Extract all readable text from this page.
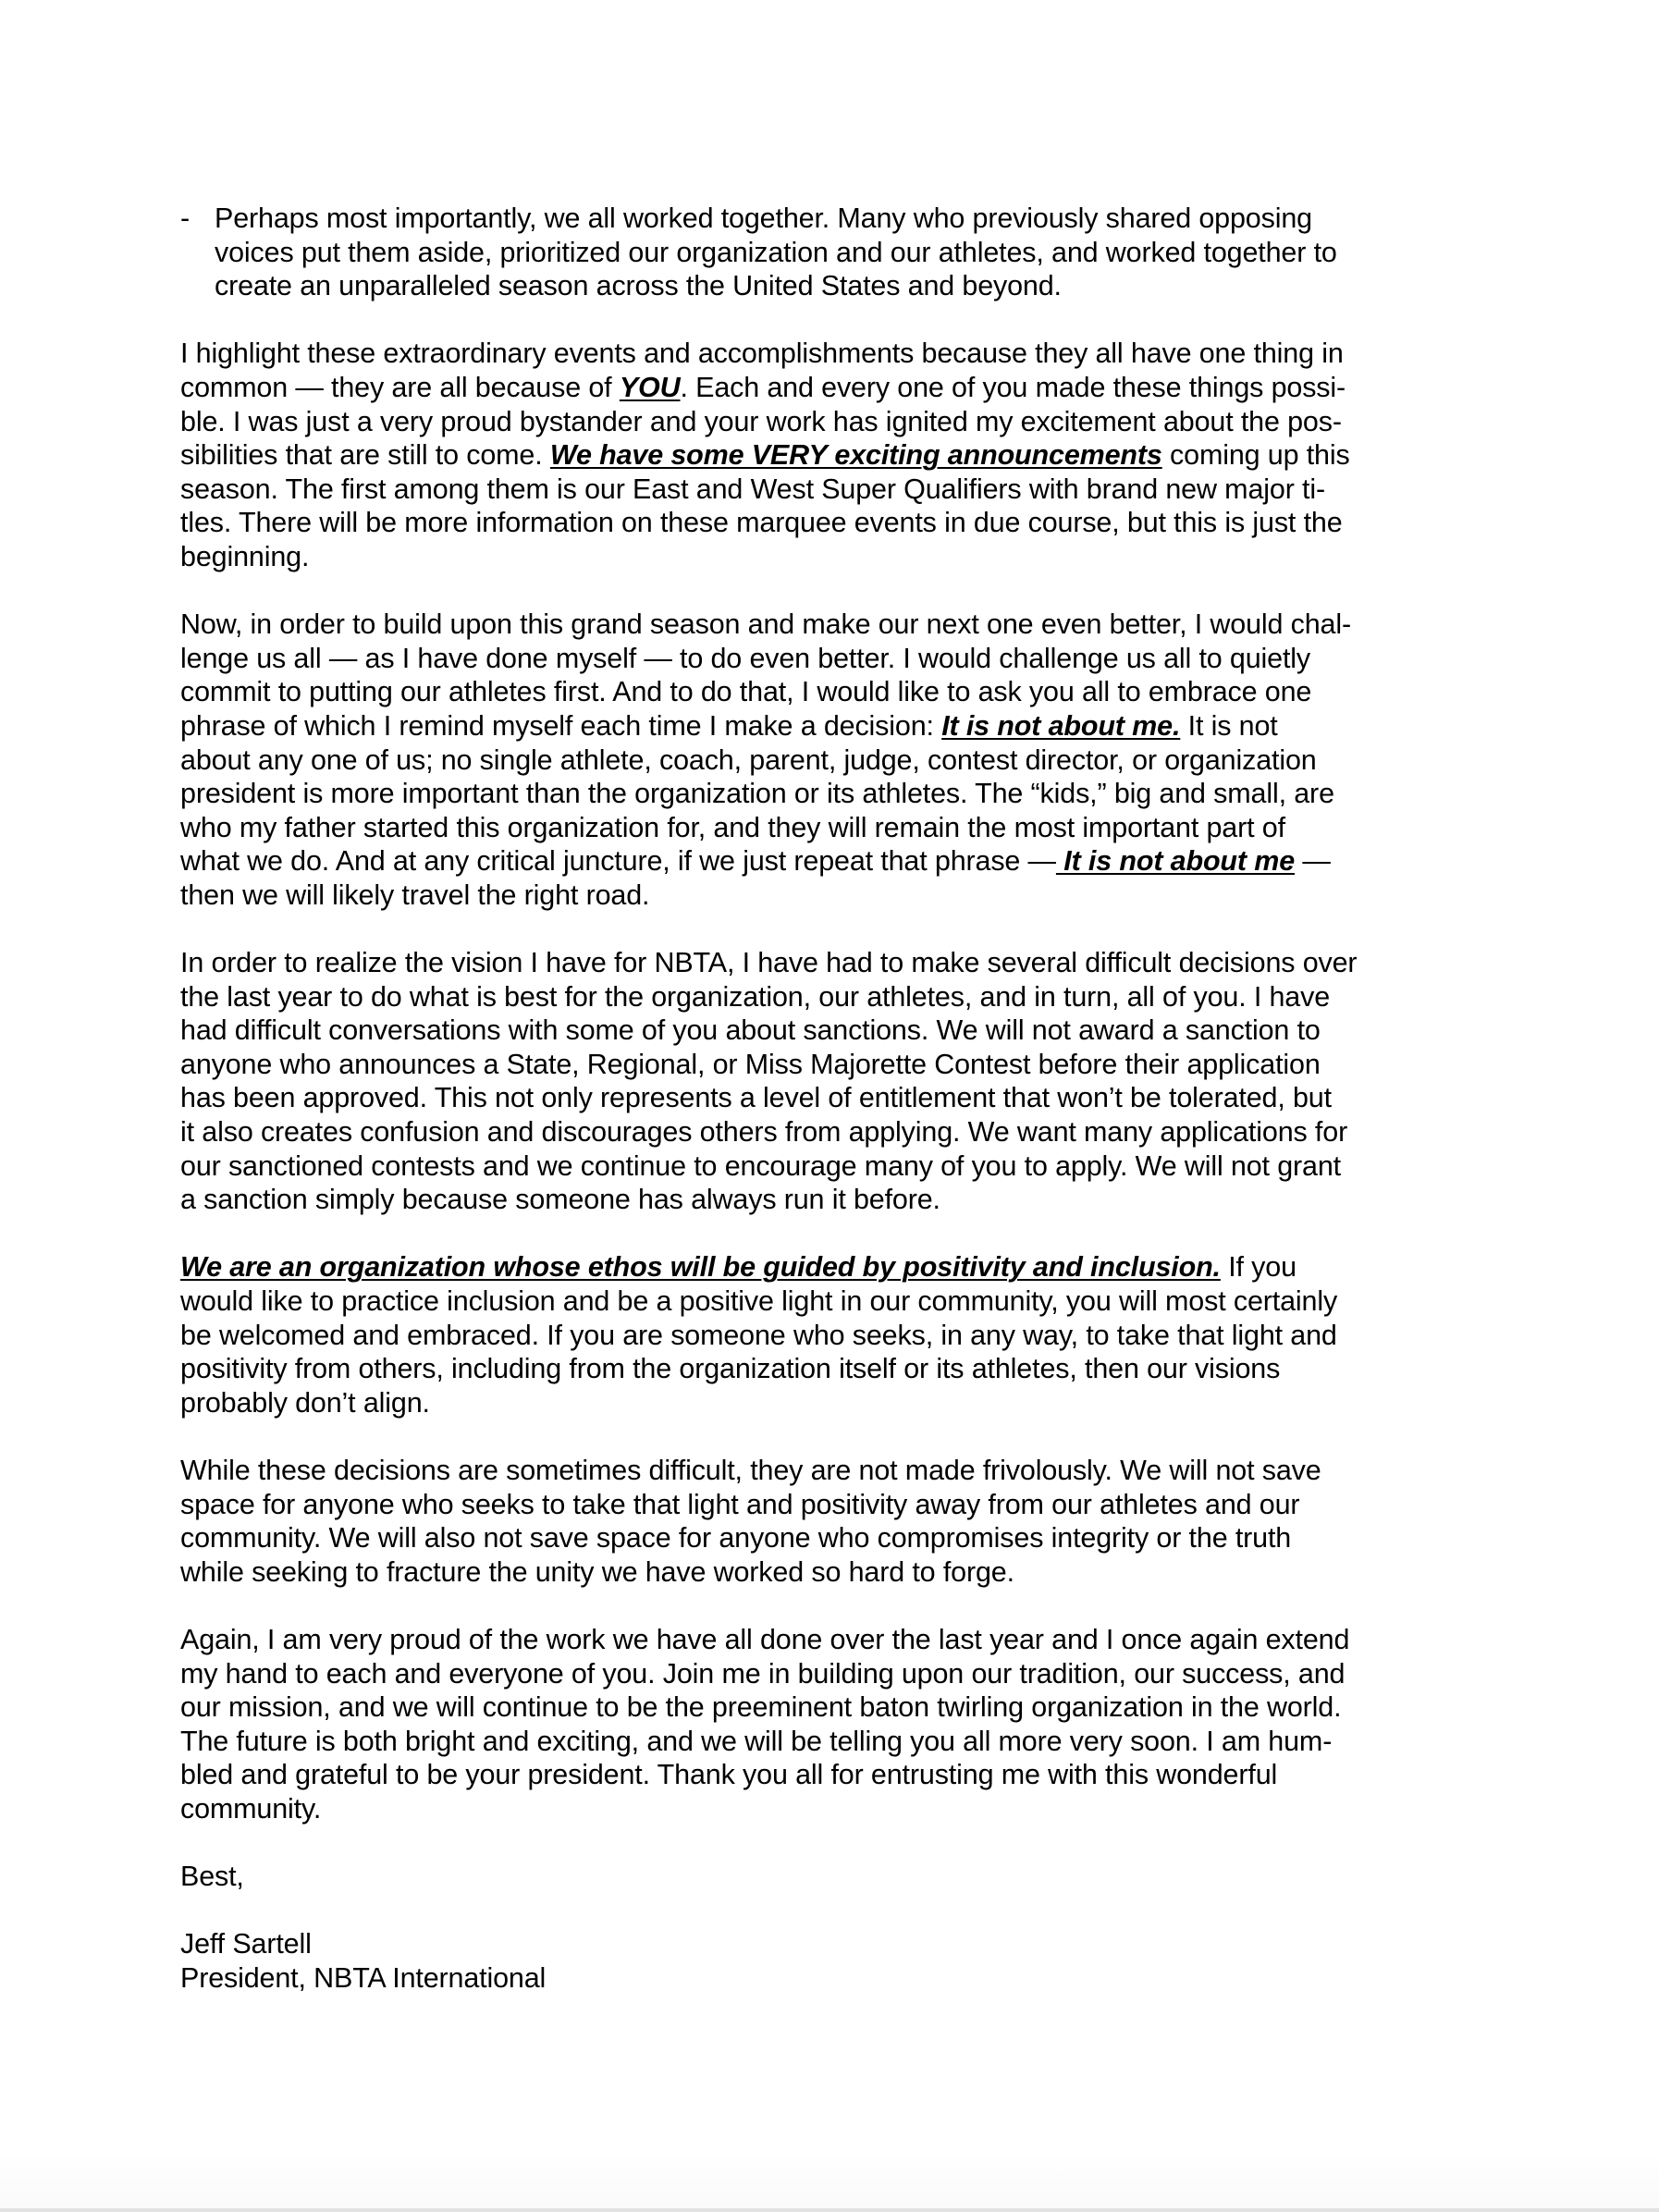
- Perhaps most importantly, we all worked together. Many who previously shared opposing
voices put them aside, prioritized our organization and our athletes, and worked together to
create an unparalleled season across the United States and beyond.
I highlight these extraordinary events and accomplishments because they all have one thing in
common — they are all because of YOU. Each and every one of you made these things possi-
ble. I was just a very proud bystander and your work has ignited my excitement about the pos-
sibilities that are still to come. We have some VERY exciting announcements coming up this
season. The first among them is our East and West Super Qualifiers with brand new major ti-
tles. There will be more information on these marquee events in due course, but this is just the
beginning.
Now, in order to build upon this grand season and make our next one even better, I would chal-
lenge us all — as I have done myself — to do even better. I would challenge us all to quietly
commit to putting our athletes first. And to do that, I would like to ask you all to embrace one
phrase of which I remind myself each time I make a decision: It is not about me. It is not
about any one of us; no single athlete, coach, parent, judge, contest director, or organization
president is more important than the organization or its athletes. The “kids,” big and small, are
who my father started this organization for, and they will remain the most important part of
what we do. And at any critical juncture, if we just repeat that phrase — It is not about me —
then we will likely travel the right road.
In order to realize the vision I have for NBTA, I have had to make several difficult decisions over
the last year to do what is best for the organization, our athletes, and in turn, all of you. I have
had difficult conversations with some of you about sanctions. We will not award a sanction to
anyone who announces a State, Regional, or Miss Majorette Contest before their application
has been approved. This not only represents a level of entitlement that won’t be tolerated, but
it also creates confusion and discourages others from applying. We want many applications for
our sanctioned contests and we continue to encourage many of you to apply. We will not grant
a sanction simply because someone has always run it before.
We are an organization whose ethos will be guided by positivity and inclusion. If you
would like to practice inclusion and be a positive light in our community, you will most certainly
be welcomed and embraced. If you are someone who seeks, in any way, to take that light and
positivity from others, including from the organization itself or its athletes, then our visions
probably don’t align.
While these decisions are sometimes difficult, they are not made frivolously. We will not save
space for anyone who seeks to take that light and positivity away from our athletes and our
community. We will also not save space for anyone who compromises integrity or the truth
while seeking to fracture the unity we have worked so hard to forge.
Again, I am very proud of the work we have all done over the last year and I once again extend
my hand to each and everyone of you. Join me in building upon our tradition, our success, and
our mission, and we will continue to be the preeminent baton twirling organization in the world.
The future is both bright and exciting, and we will be telling you all more very soon. I am hum-
bled and grateful to be your president. Thank you all for entrusting me with this wonderful
community.
Best,
Jeff Sartell
President, NBTA International
